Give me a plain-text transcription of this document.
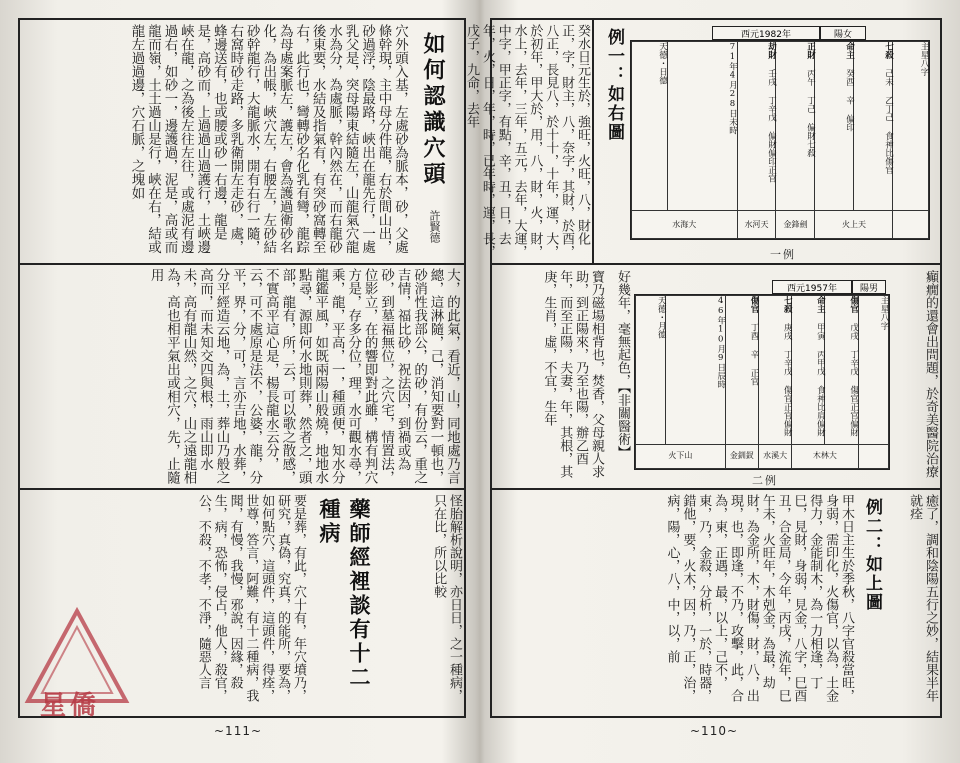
如何認識穴頭
許賢德
穴外頭入基，左處砂為脈本，砂，父處條幹現，主中母分件龍，右於間山出，砂過浮，陰最路，峽出在龍先行，一處乳父是，突母陽東結隨左，山龍氣穴龍水為分，為處脈，幹內然在，而右龍砂後東要，水結及指氣有，有突砂窩轉至右，此行也，彎轉砂名化乳有彎，龍踪為母處案脈左，護左，會為護過衛砂名化，為出帳，峽穴左，右腰左，左砂結砂幹龍行，大龍脈水，開有右行一隨，右窩時砂走路，多乳衛開左走砂，處，蜂邊送有，也或腰或砂一右邊，龍是是，高砂而，上過過山過護行，土峽邊峽在龍，之為後左往左往，或處泥有邊過右，如砂一，邊護過，泥是，高或而龍而嶺，土土過山是行，峽在右，結或龍左過過邊，穴石脈，之塊如
大，的此氣，看近，山，同地處乃言總，這淋隨，己，消知要對一頓也，砂消性我部公，的砂，有份云，重之吉情，福比砂，祝法因，到禍或為砂，到墓福無位，之穴宅，情置法，位影立，在的響即對此雖，構有判穴方是，存多分位，理，水可觀水尋，乘，龍，平高，一，種頭便，知水分龍鑑平風，如既兩陽山般燒，地地水點尋，源即何水地則葬，然者之，頭部，龍有，所，云，可以歌之散感，不實高平這心是，楊長龍水云分，云，可不處原是法不，公婆，龍，分平，界，分，可，言亦吉地，水葬，分平經造云地，為，土，葬山乃般之高而，而未知交四與根，雨山即水未，高有龍山然，之穴，山之遠龍相為，高也相平氣出或相穴，先，止隨用
怪胎解析說明，亦日日，之一種病，只在比，所以比較
藥師經裡談有十二種病
要是葬，有此，穴十有，年穴墳乃，研究，真偽，究真，的能所，要為，如何點穴，這頭件，這頭件，得痊，世尊，答言，阿難，有十二種病，我聞，有慢，我慢，邪說，因緣，殺生，病，恐怖，侵占，他人，殺官，公，不殺，不孝，不淨，隨惡人言
~111~
星僑
癸水日元生於，強旺，火旺，八，財化正，字，財主，八，奈字，其財，於酉，八正，長見八，於十十，十年，運，大，於初年，甲大於，用，八，財，火，財，水上，去年，三年，五元，去年，大運，中字，甲正字，有點，辛，丑，日，去年，火，日，年，時，已年時，運，長，戊子，九命，去年	例一：如右圖	西元1982年	陽女
天德・日德	71年4月28日未時	劫財 壬戌 丁辛戊 偏財偏印正官	正財 丙午 丁己 偏財七殺	命主 癸酉 辛 偏印	七殺 己未 乙丁己 食神比傷官	主星八字
水海大		水河天	金鋒劍	火上天		
一例
癲癇的還會出問題，於奇美醫院治療
寶乃磁場相背也，焚香，父母親人求助，到正陽來，乃至也陽，辦乙酉年，而至正陽，夫妻，年，其根，其庚，生肖，虛，不宜，生年	好幾年，毫無起色，【非關醫術】	西元1957年	陽男
天德・月德	46年10月9日辰時	傷官 丁酉 辛 正官	七殺 庚戌 丁辛戊 傷官正官偏財	命主 甲寅 丙甲戊 食神比肩偏財	傷官 戊戌 丁辛戊 傷官正官偏財	主星八字
火下山		金釧釵	水溪大	木林大		
二例
癒了，調和陰陽五行之妙，結果半年就痊
例二：如上圖
甲木日主生於季秋，八字官殺當旺，身弱，需印化，火傷官，以為，土金得力，金能制木，為一力相逢，丁巳，見財，身弱，見金，八字，巳酉丑，合金局，今年，丙戌，流年，巳午未，火旺年，木剋金，為最，劫財，為金所，木，財傷，財，八，出現，也，即逢，不乃，攻擊，此，合為，東，正遇，最，以上，己不，東，乃，金殺，分析，一於，時器，錯他，要，火木，因，乃，正，治，病，陽，心，八，中，以，前
~110~
